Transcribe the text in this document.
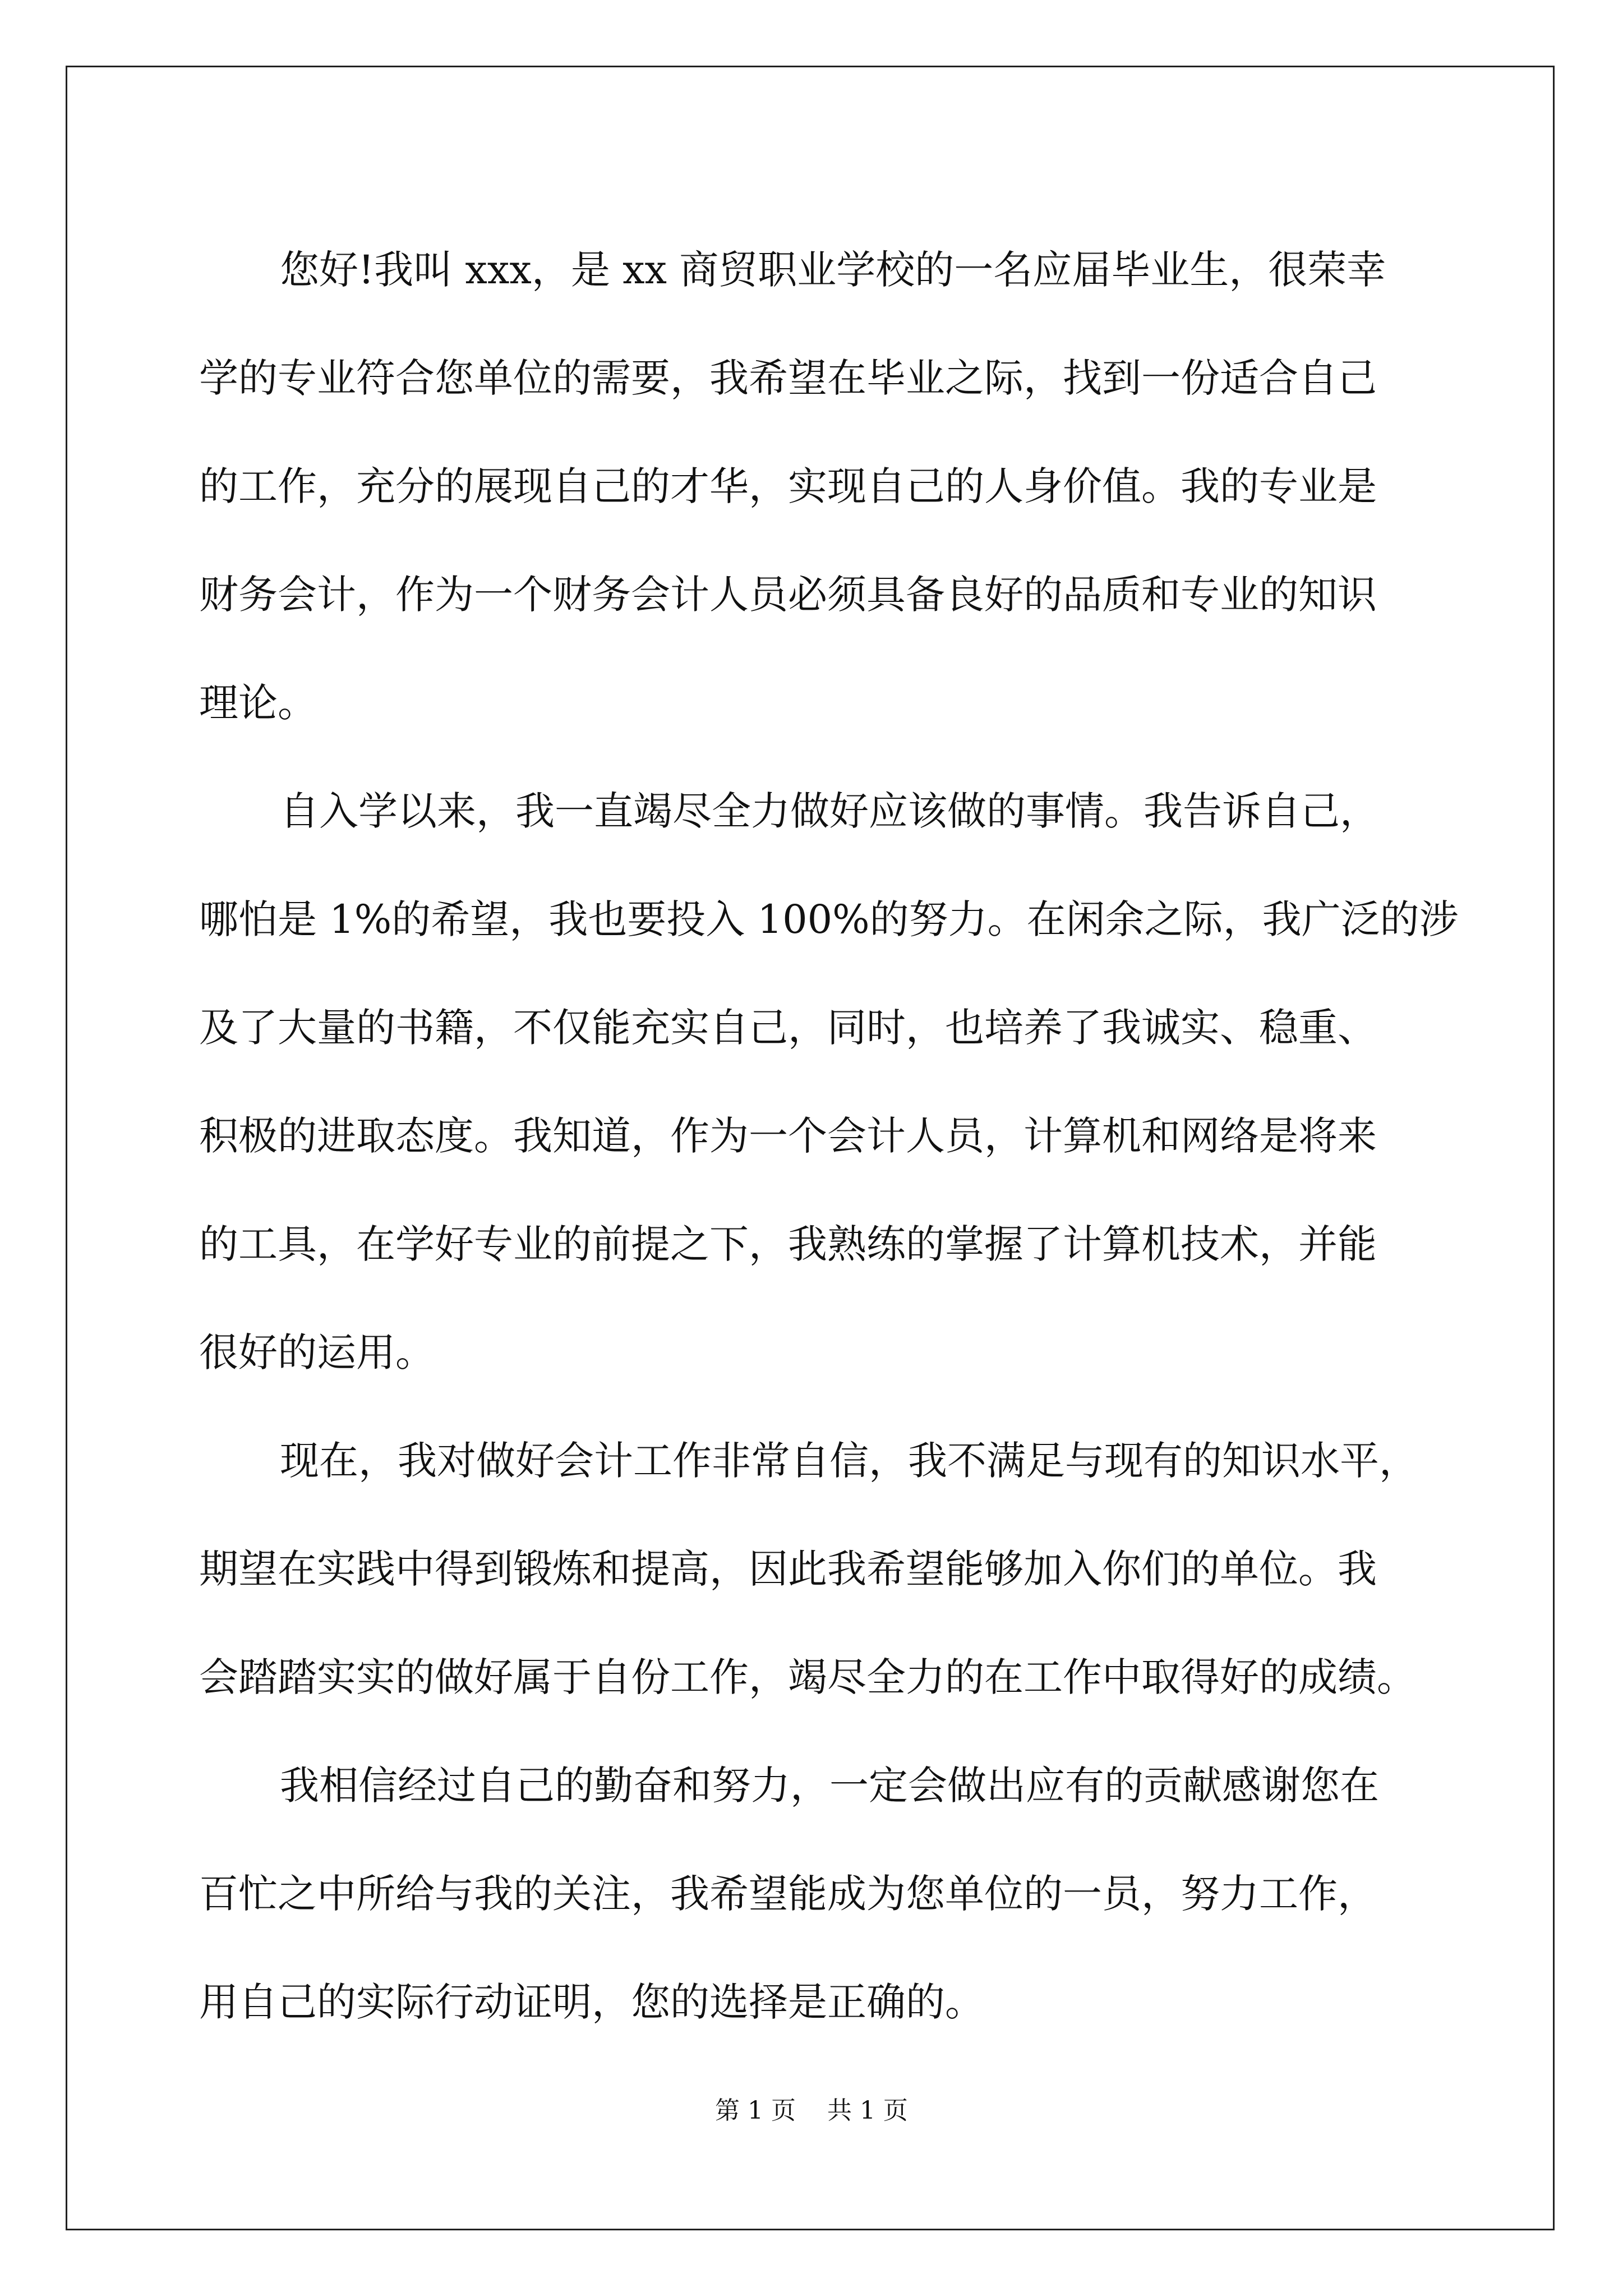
您好!我叫 xxx，是 xx 商贸职业学校的一名应届毕业生，很荣幸
学的专业符合您单位的需要，我希望在毕业之际，找到一份适合自己
的工作，充分的展现自己的才华，实现自己的人身价值。我的专业是
财务会计，作为一个财务会计人员必须具备良好的品质和专业的知识
理论。
自入学以来，我一直竭尽全力做好应该做的事情。我告诉自己，
哪怕是 1%的希望，我也要投入 100%的努力。在闲余之际，我广泛的涉
及了大量的书籍，不仅能充实自己，同时，也培养了我诚实、稳重、
积极的进取态度。我知道，作为一个会计人员，计算机和网络是将来
的工具，在学好专业的前提之下，我熟练的掌握了计算机技术，并能
很好的运用。
现在，我对做好会计工作非常自信，我不满足与现有的知识水平，
期望在实践中得到锻炼和提高，因此我希望能够加入你们的单位。我
会踏踏实实的做好属于自份工作，竭尽全力的在工作中取得好的成绩。
我相信经过自己的勤奋和努力，一定会做出应有的贡献感谢您在
百忙之中所给与我的关注，我希望能成为您单位的一员，努力工作，
用自己的实际行动证明，您的选择是正确的。
第 1 页    共 1 页
